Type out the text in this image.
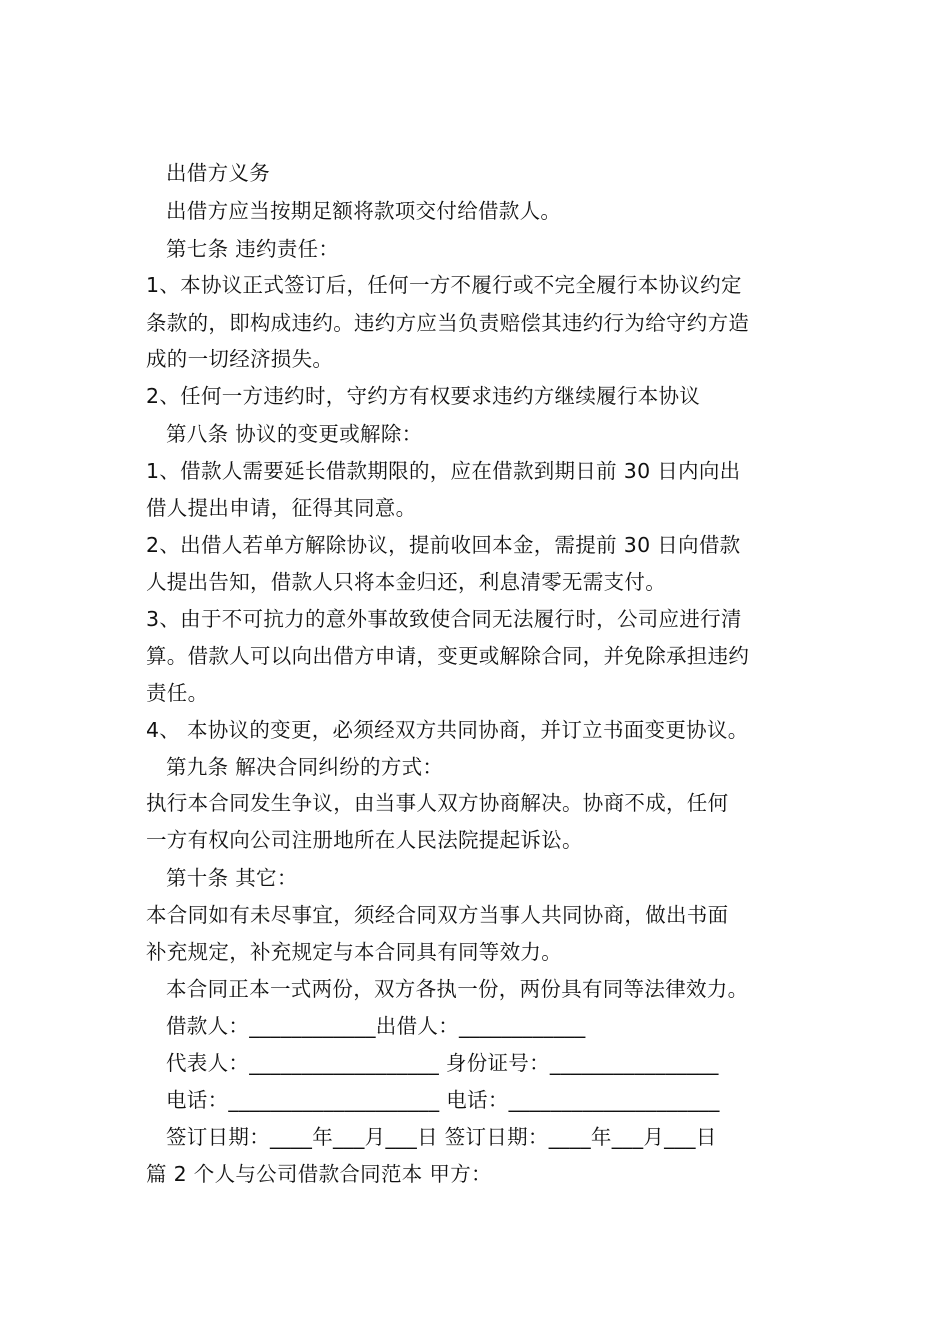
出借方义务
出借方应当按期足额将款项交付给借款人。
第七条 违约责任：
1、本协议正式签订后，任何一方不履行或不完全履行本协议约定
条款的，即构成违约。违约方应当负责赔偿其违约行为给守约方造
成的一切经济损失。
2、任何一方违约时，守约方有权要求违约方继续履行本协议
第八条 协议的变更或解除：
1、借款人需要延长借款期限的，应在借款到期日前 30 日内向出
借人提出申请，征得其同意。
2、出借人若单方解除协议，提前收回本金，需提前 30 日向借款
人提出告知，借款人只将本金归还，利息清零无需支付。
3、由于不可抗力的意外事故致使合同无法履行时，公司应进行清
算。借款人可以向出借方申请，变更或解除合同，并免除承担违约
责任。
4、 本协议的变更，必须经双方共同协商，并订立书面变更协议。
第九条 解决合同纠纷的方式：
执行本合同发生争议，由当事人双方协商解决。协商不成，任何
一方有权向公司注册地所在人民法院提起诉讼。
第十条 其它：
本合同如有未尽事宜，须经合同双方当事人共同协商，做出书面
补充规定，补充规定与本合同具有同等效力。
本合同正本一式两份，双方各执一份，两份具有同等法律效力。
借款人：____________出借人：____________
代表人：__________________ 身份证号：________________
电话：____________________ 电话：____________________
签订日期：____年___月___日 签订日期：____年___月___日
篇 2 个人与公司借款合同范本 甲方：
